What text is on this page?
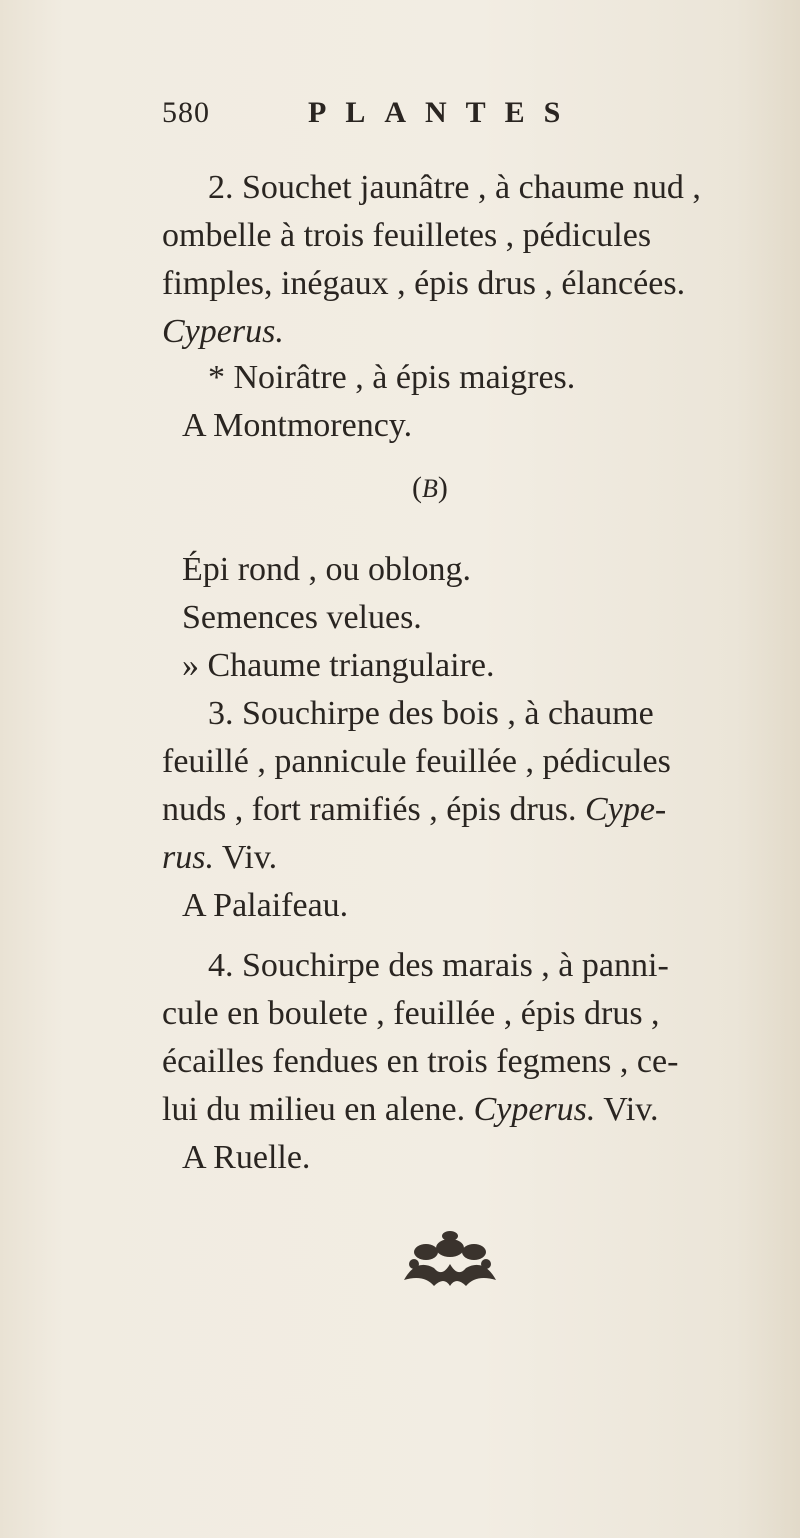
580	PLANTES
2. Souchet jaunâtre , à chaume nud ,
ombelle à trois feuilletes , pédicules
fimples, inégaux , épis drus , élancées.
Cyperus.
* Noirâtre , à épis maigres.
A Montmorency.
(B)
Épi rond , ou oblong.
Semences velues.
» Chaume triangulaire.
3. Souchirpe des bois , à chaume
feuillé , pannicule feuillée , pédicules
nuds , fort ramifiés , épis drus. Cype-
rus. Viv.
A Palaifeau.
4. Souchirpe des marais , à panni-
cule en boulete , feuillée , épis drus ,
écailles fendues en trois fegmens , ce-
lui du milieu en alene. Cyperus. Viv.
A Ruelle.
